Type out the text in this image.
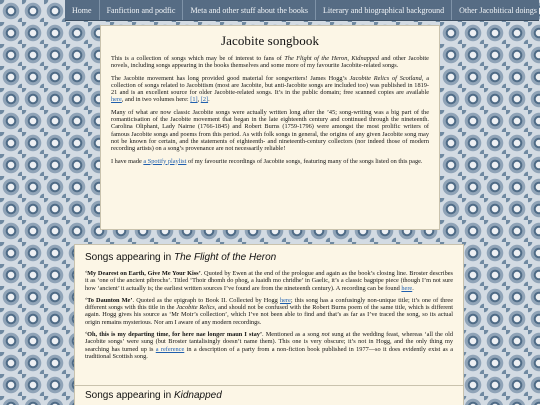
Home	Fanfiction and podfic	Meta and other stuff about the books	Literary and biographical background	Other Jacobitical doings
Jacobite songbook

This is a collection of songs which may be of interest to fans of The Flight of the Heron, Kidnapped and other Jacobite novels, including songs appearing in the books themselves and some more of my favourite Jacobite-related songs.

The Jacobite movement has long provided good material for songwriters! James Hogg’s Jacobite Relics of Scotland, a collection of songs related to Jacobitism (most are Jacobite, but anti-Jacobite songs are included too) was published in 1819-21 and is an excellent source for older Jacobite-related songs. It’s in the public domain; free scanned copies are available here, and in two volumes here: [1], [2].

Many of what are now classic Jacobite songs were actually written long after the ’45; song-writing was a big part of the romanticisation of the Jacobite movement that began in the late eighteenth century and continued through the nineteenth. Carolina Oliphant, Lady Nairne (1766-1845) and Robert Burns (1759-1796) were amongst the most prolific writers of famous Jacobite songs and poems from this period. As with folk songs in general, the origins of any given Jacobite song may not be known for certain, and the statements of eighteenth- and nineteenth-century collectors (nor indeed those of modern recording artists) on a song’s provenance are not necessarily reliable!

I have made a Spotify playlist of my favourite recordings of Jacobite songs, featuring many of the songs listed on this page.

Songs appearing in The Flight of the Heron

‘My Dearest on Earth, Give Me Your Kiss’. Quoted by Ewen at the end of the prologue and again as the book’s closing line. Broster describes it as ‘one of the ancient pibrochs’. Titled ‘Thoir dhomh do phog, a luaidh mo chridhe’ in Gaelic, it’s a classic bagpipe piece (though I’m not sure how ‘ancient’ it actually is; the earliest written sources I’ve found are from the nineteenth century). A recording can be found here.

‘To Daunton Me’. Quoted as the epigraph to Book II. Collected by Hogg here; this song has a confusingly non-unique title; it’s one of three different songs with this title in the Jacobite Relics, and should not be confused with the Robert Burns poem of the same title, which is different again. Hogg gives his source as ‘Mr Moir’s collection’, which I’ve not been able to find and that’s as far as I’ve traced the song, so its actual origin remains mysterious. Nor am I aware of any modern recordings.

‘Oh, this is my departing time, for here nae longer maun I stay’. Mentioned as a song not sung at the wedding feast, whereas ‘all the old Jacobite songs’ were sung (but Broster tantalisingly doesn’t name them). This one is very obscure; it’s not in Hogg, and the only thing my searching has turned up is a reference in a description of a party from a non-fiction book published in 1977—so it does evidently exist as a traditional Scottish song.

Songs appearing in Kidnapped
